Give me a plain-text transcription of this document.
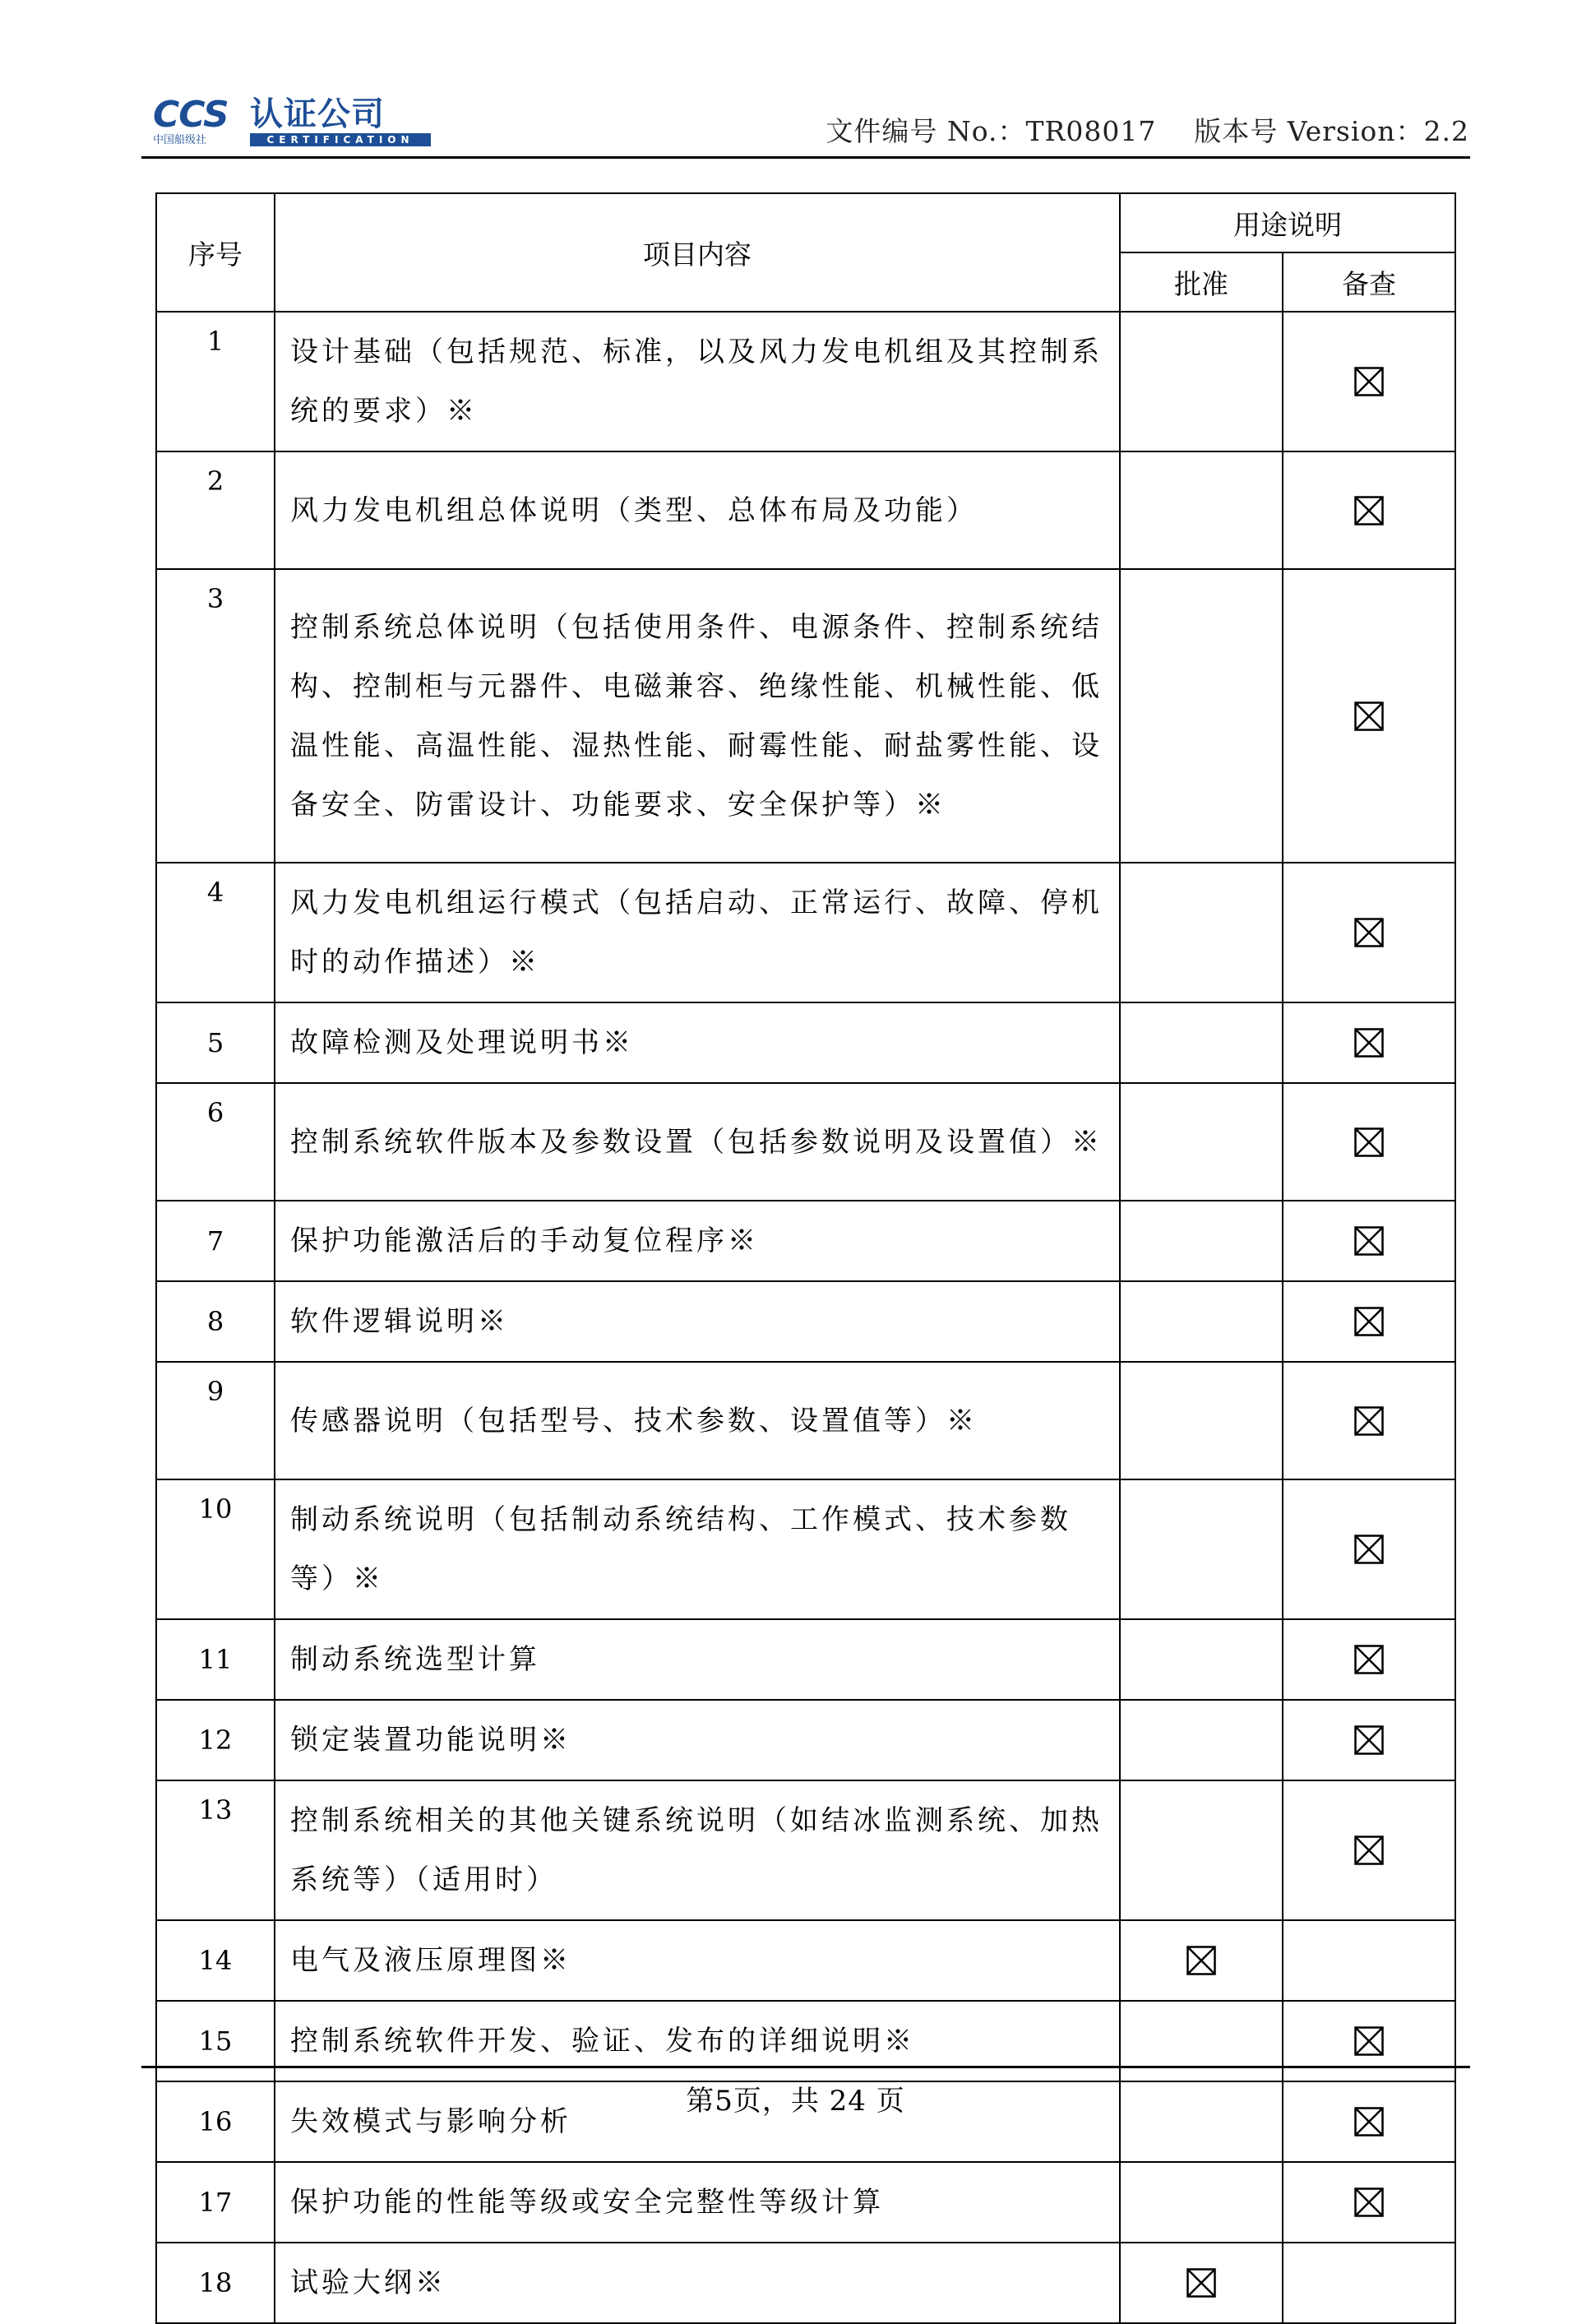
CCS 认证公司
中国船级社	CERTIFICATION	文件编号 No.：TR08017 版本号 Version：2.2
序号	项目内容	用途说明	
		批准	备查

1	设计基础（包括规范、标准，以及风力发电机组及其控制系统的要求）※		

2	风力发电机组总体说明（类型、总体布局及功能）		

3	控制系统总体说明（包括使用条件、电源条件、控制系统结构、控制柜与元器件、电磁兼容、绝缘性能、机械性能、低温性能、高温性能、湿热性能、耐霉性能、耐盐雾性能、设备安全、防雷设计、功能要求、安全保护等）※		

4	风力发电机组运行模式（包括启动、正常运行、故障、停机时的动作描述）※		

5	故障检测及处理说明书※		

6	控制系统软件版本及参数设置（包括参数说明及设置值）※		

7	保护功能激活后的手动复位程序※		

8	软件逻辑说明※		

9	传感器说明（包括型号、技术参数、设置值等）※		

10	制动系统说明（包括制动系统结构、工作模式、技术参数等）※		

11	制动系统选型计算		

12	锁定装置功能说明※		

13	控制系统相关的其他关键系统说明（如结冰监测系统、加热系统等）（适用时）		

14	电气及液压原理图※	

15	控制系统软件开发、验证、发布的详细说明※		

16	失效模式与影响分析		

17	保护功能的性能等级或安全完整性等级计算		

18	试验大纲※	

第5页，共 24 页
